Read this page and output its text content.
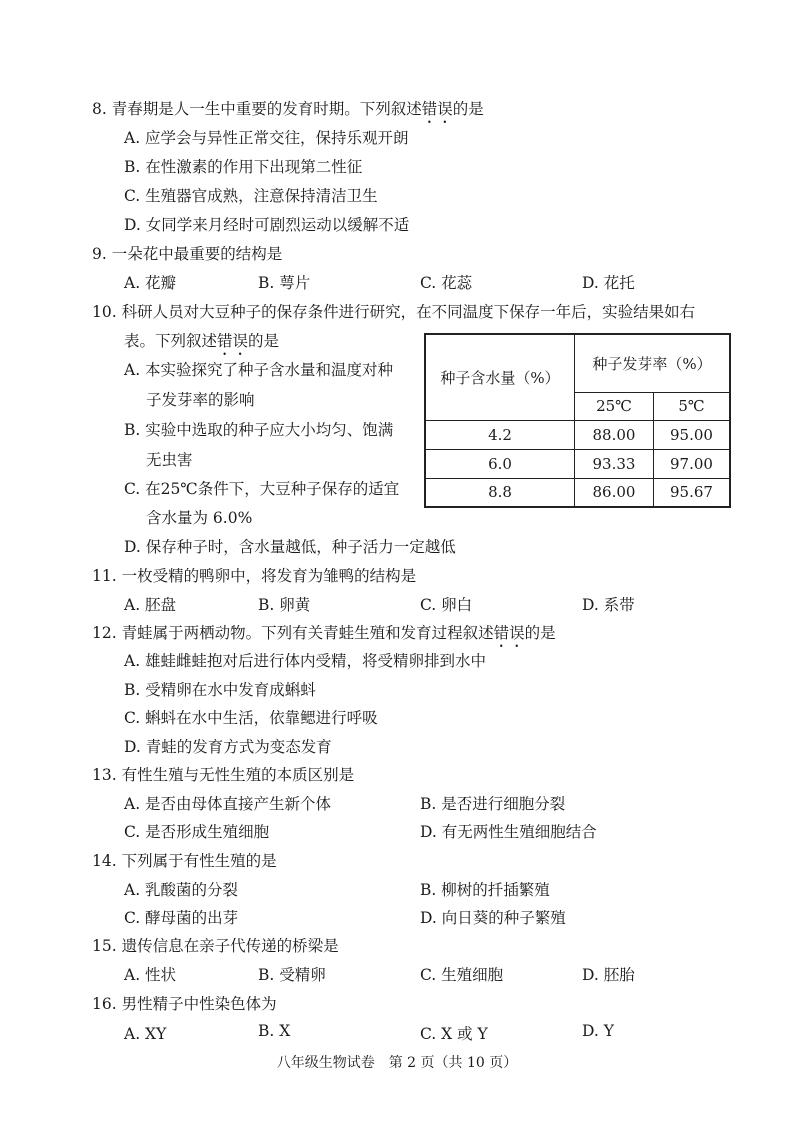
8. 青春期是人一生中重要的发育时期。下列叙述错误的是
A. 应学会与异性正常交往，保持乐观开朗
B. 在性激素的作用下出现第二性征
C. 生殖器官成熟，注意保持清洁卫生
D. 女同学来月经时可剧烈运动以缓解不适
9. 一朵花中最重要的结构是
A. 花瓣	B. 萼片	C. 花蕊	D. 花托
10. 科研人员对大豆种子的保存条件进行研究，在不同温度下保存一年后，实验结果如右
表。下列叙述错误的是
A. 本实验探究了种子含水量和温度对种
子发芽率的影响
B. 实验中选取的种子应大小均匀、饱满
无虫害
C. 在25℃条件下，大豆种子保存的适宜
含水量为 6.0%
D. 保存种子时，含水量越低，种子活力一定越低
种子含水量（%）	种子发芽率（%）	
	25℃	5℃
4.2	88.00	95.00
6.0	93.33	97.00
8.8	86.00	95.67
11. 一枚受精的鸭卵中，将发育为雏鸭的结构是
A. 胚盘	B. 卵黄	C. 卵白	D. 系带
12. 青蛙属于两栖动物。下列有关青蛙生殖和发育过程叙述错误的是
A. 雄蛙雌蛙抱对后进行体内受精，将受精卵排到水中
B. 受精卵在水中发育成蝌蚪
C. 蝌蚪在水中生活，依靠鳃进行呼吸
D. 青蛙的发育方式为变态发育
13. 有性生殖与无性生殖的本质区别是
A. 是否由母体直接产生新个体	B. 是否进行细胞分裂
C. 是否形成生殖细胞	D. 有无两性生殖细胞结合
14. 下列属于有性生殖的是
A. 乳酸菌的分裂	B. 柳树的扦插繁殖
C. 酵母菌的出芽	D. 向日葵的种子繁殖
15. 遗传信息在亲子代传递的桥梁是
A. 性状	B. 受精卵	C. 生殖细胞	D. 胚胎
16. 男性精子中性染色体为
A. XY	B. X	C. X 或 Y	D. Y
八年级生物试卷　第 2 页（共 10 页）
